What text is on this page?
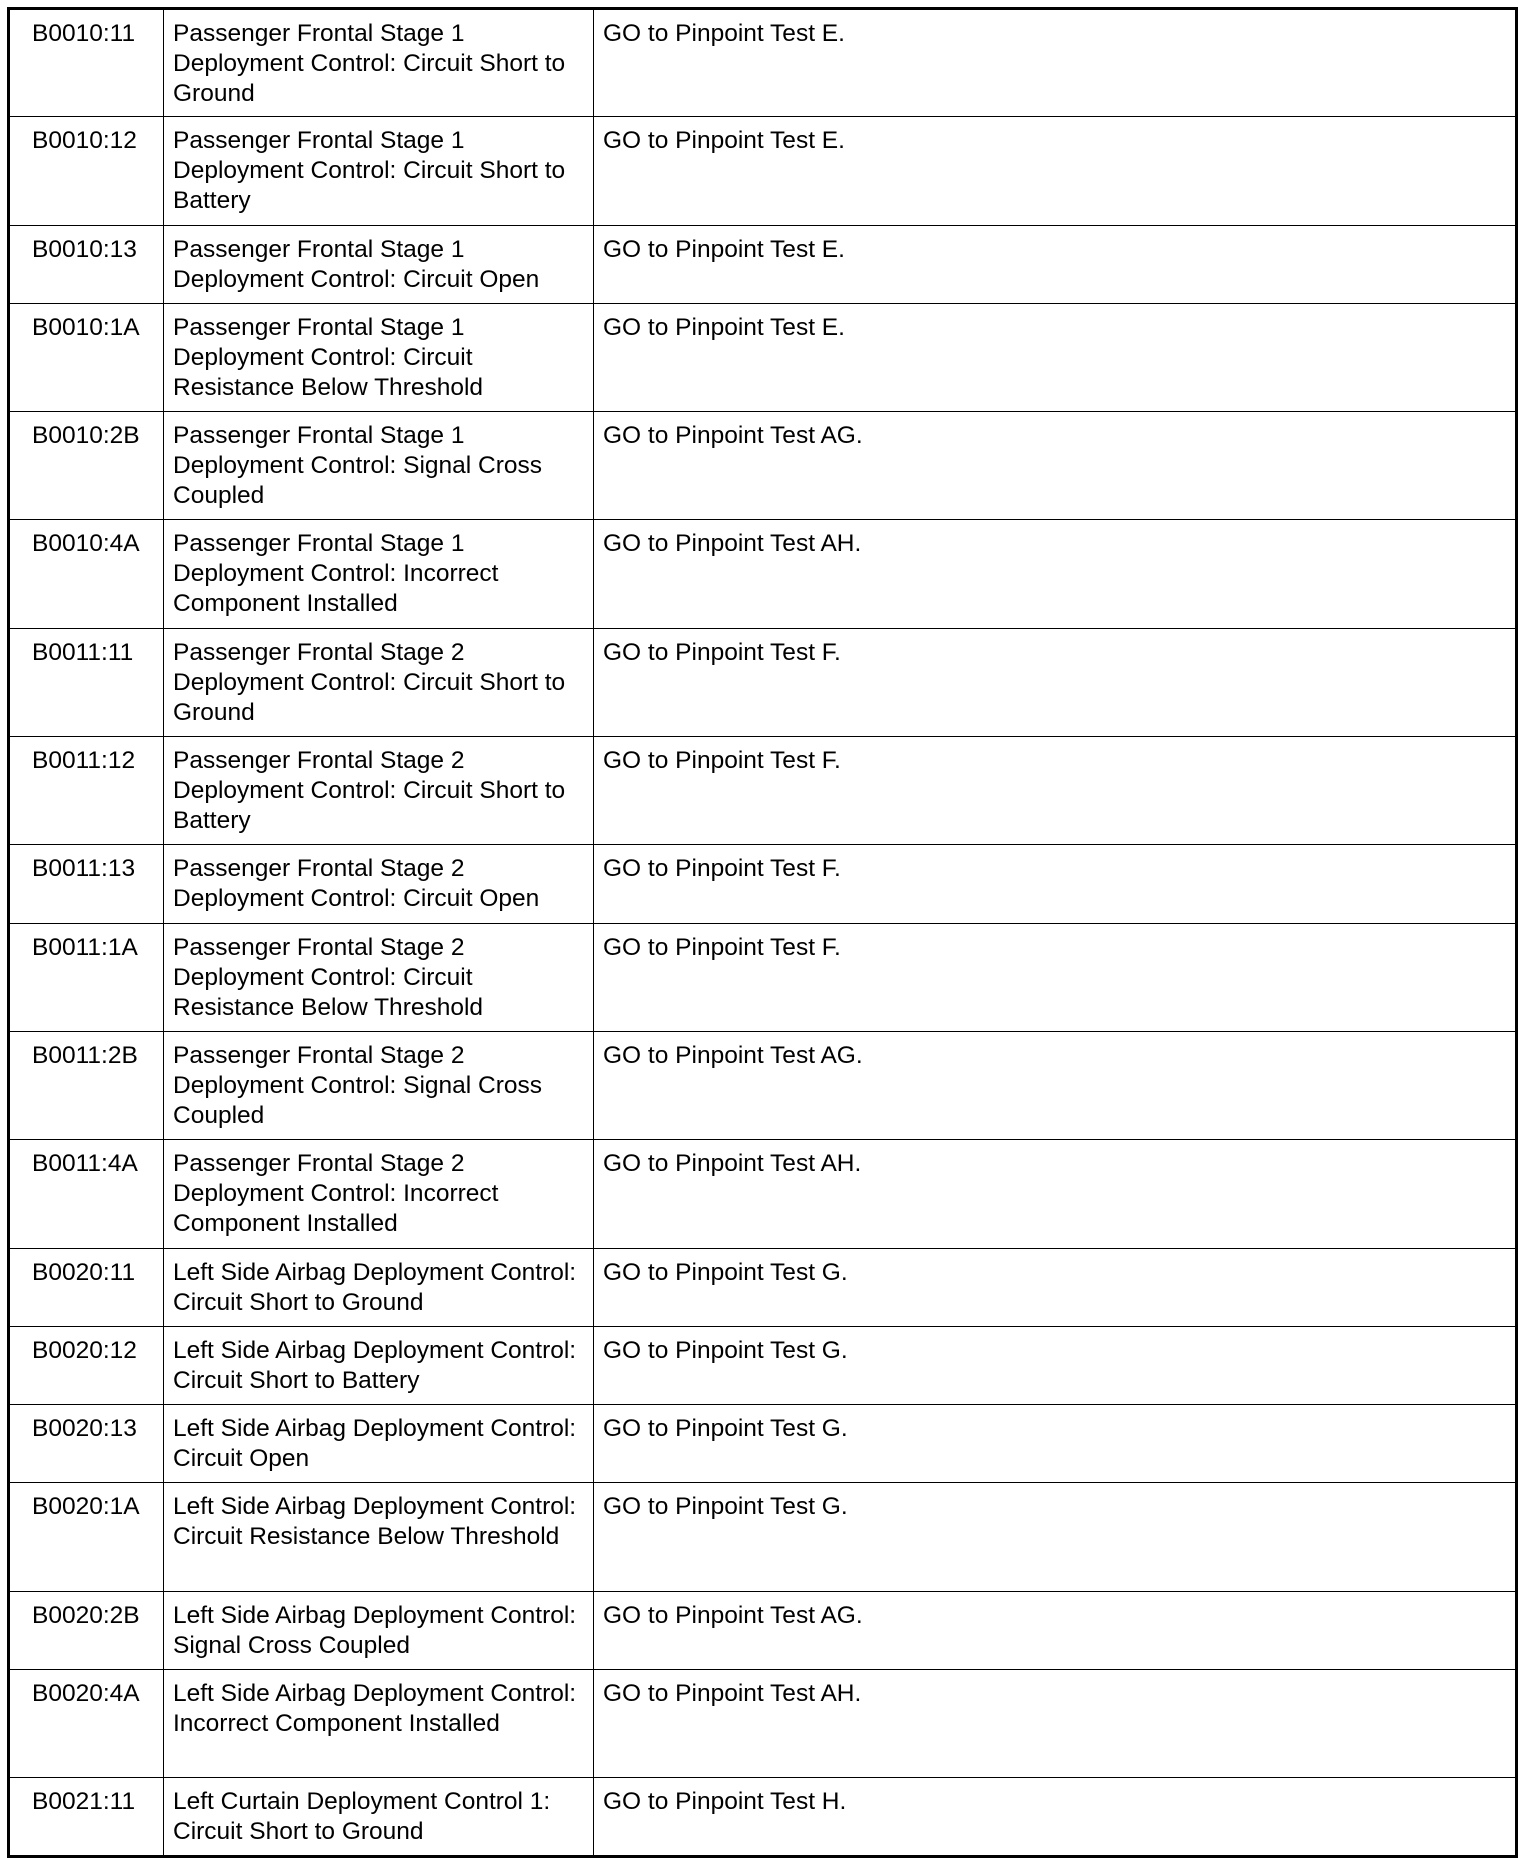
B0010:11	Passenger Frontal Stage 1 Deployment Control: Circuit Short to Ground	GO to Pinpoint Test E.
B0010:12	Passenger Frontal Stage 1 Deployment Control: Circuit Short to Battery	GO to Pinpoint Test E.
B0010:13	Passenger Frontal Stage 1 Deployment Control: Circuit Open	GO to Pinpoint Test E.
B0010:1A	Passenger Frontal Stage 1 Deployment Control: Circuit Resistance Below Threshold	GO to Pinpoint Test E.
B0010:2B	Passenger Frontal Stage 1 Deployment Control: Signal Cross Coupled	GO to Pinpoint Test AG.
B0010:4A	Passenger Frontal Stage 1 Deployment Control: Incorrect Component Installed	GO to Pinpoint Test AH.
B0011:11	Passenger Frontal Stage 2 Deployment Control: Circuit Short to Ground	GO to Pinpoint Test F.
B0011:12	Passenger Frontal Stage 2 Deployment Control: Circuit Short to Battery	GO to Pinpoint Test F.
B0011:13	Passenger Frontal Stage 2 Deployment Control: Circuit Open	GO to Pinpoint Test F.
B0011:1A	Passenger Frontal Stage 2 Deployment Control: Circuit Resistance Below Threshold	GO to Pinpoint Test F.
B0011:2B	Passenger Frontal Stage 2 Deployment Control: Signal Cross Coupled	GO to Pinpoint Test AG.
B0011:4A	Passenger Frontal Stage 2 Deployment Control: Incorrect Component Installed	GO to Pinpoint Test AH.
B0020:11	Left Side Airbag Deployment Control: Circuit Short to Ground	GO to Pinpoint Test G.
B0020:12	Left Side Airbag Deployment Control: Circuit Short to Battery	GO to Pinpoint Test G.
B0020:13	Left Side Airbag Deployment Control: Circuit Open	GO to Pinpoint Test G.
B0020:1A	Left Side Airbag Deployment Control: Circuit Resistance Below Threshold	GO to Pinpoint Test G.
B0020:2B	Left Side Airbag Deployment Control: Signal Cross Coupled	GO to Pinpoint Test AG.
B0020:4A	Left Side Airbag Deployment Control: Incorrect Component Installed	GO to Pinpoint Test AH.
B0021:11	Left Curtain Deployment Control 1: Circuit Short to Ground	GO to Pinpoint Test H.
